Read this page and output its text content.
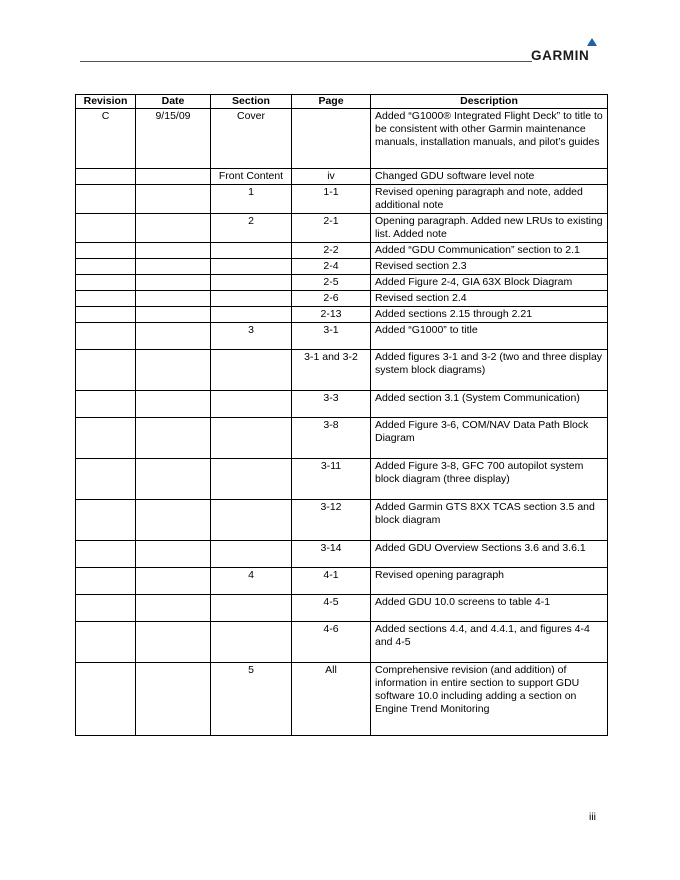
GARMIN
Revision	Date	Section	Page	Description
C	9/15/09	Cover		Added “G1000® Integrated Flight Deck” to title to be consistent with other Garmin maintenance manuals, installation manuals, and pilot’s guides
		Front Content	iv	Changed GDU software level note
		1	1-1	Revised opening paragraph and note, added additional note
		2	2-1	Opening paragraph. Added new LRUs to existing list. Added note
			2-2	Added “GDU Communication” section to 2.1
			2-4	Revised section 2.3
			2-5	Added Figure 2-4, GIA 63X Block Diagram
			2-6	Revised section 2.4
			2-13	Added sections 2.15 through 2.21
		3	3-1	Added “G1000” to title
			3-1 and 3-2	Added figures 3-1 and 3-2 (two and three display system block diagrams)
			3-3	Added section 3.1 (System Communication)
			3-8	Added Figure 3-6, COM/NAV Data Path Block Diagram
			3-11	Added Figure 3-8, GFC 700 autopilot system block diagram (three display)
			3-12	Added Garmin GTS 8XX TCAS section 3.5 and block diagram
			3-14	Added GDU Overview Sections 3.6 and 3.6.1
		4	4-1	Revised opening paragraph
			4-5	Added GDU 10.0 screens to table 4-1
			4-6	Added sections 4.4, and 4.4.1, and figures 4-4 and 4-5
		5	All	Comprehensive revision (and addition) of information in entire section to support GDU software 10.0 including adding a section on Engine Trend Monitoring
iii
